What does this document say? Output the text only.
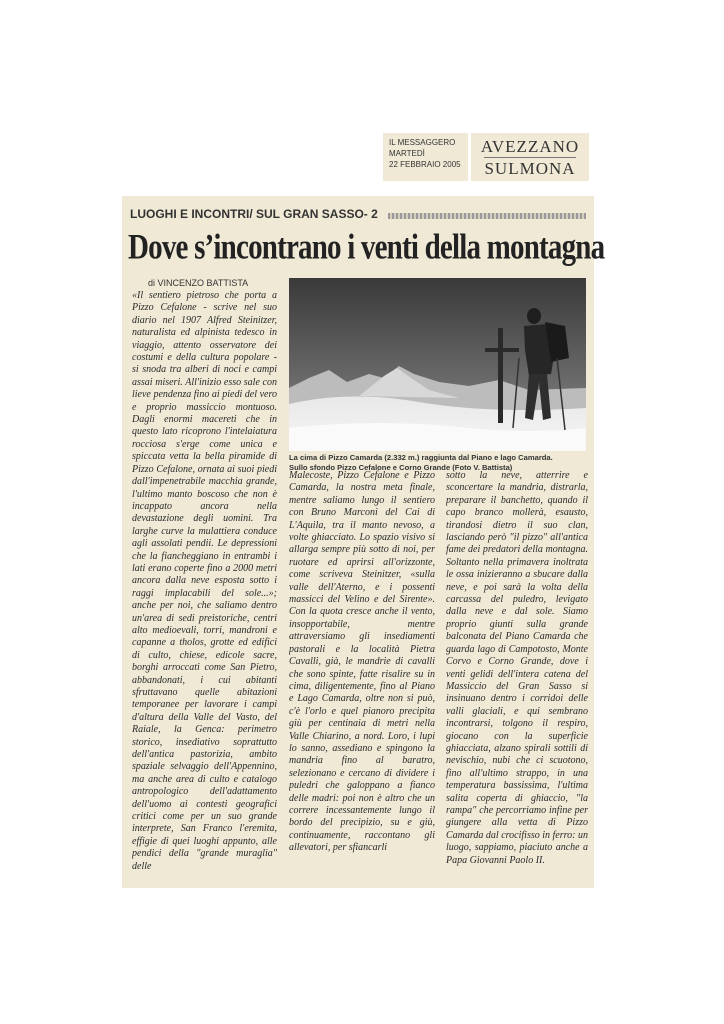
IL MESSAGGERO
MARTEDÌ
22 FEBBRAIO 2005
AVEZZANO
SULMONA
LUOGHI E INCONTRI/ SUL GRAN SASSO- 2
Dove s’incontrano i venti della montagna
di VINCENZO BATTISTA
«Il sentiero pietroso che porta a Pizzo Cefalone - scrive nel suo diario nel 1907 Alfred Steinitzer, naturalista ed alpinista tedesco in viaggio, attento osservatore dei costumi e della cultura popolare - si snoda tra alberi di noci e campi assai miseri. All'inizio esso sale con lieve pendenza fino ai piedi del vero e proprio massiccio montuoso. Dagli enormi macereti che in questo lato ricoprono l'intelaiatura rocciosa s'erge come unica e spiccata vetta la bella piramide di Pizzo Cefalone, ornata ai suoi piedi dall'impenetrabile macchia grande, l'ultimo manto boscoso che non è incappato ancora nella devastazione degli uomini. Tra larghe curve la mulattiera conduce agli assolati pendii. Le depressioni che la fiancheggiano in entrambi i lati erano coperte fino a 2000 metri ancora dalla neve esposta sotto i raggi implacabili del sole...»; anche per noi, che saliamo dentro un'area di sedi preistoriche, centri alto medioevali, torri, mandroni e capanne a tholos, grotte ed edifici di culto, chiese, edicole sacre, borghi arroccati come San Pietro, abbandonati, i cui abitanti sfruttavano quelle abitazioni temporanee per lavorare i campi d'altura della Valle del Vasto, del Raiale, la Genca: perimetro storico, insediativo soprattutto dell'antica pastorizia, ambito spaziale selvaggio dell'Appennino, ma anche area di culto e catalogo antropologico dell'adattamento dell'uomo ai contesti geografici critici come per un suo grande interprete, San Franco l'eremita, effigie di quei luoghi appunto, alle pendici della "grande muraglia" delle
La cima di Pizzo Camarda (2.332 m.) raggiunta dal Piano e lago Camarda.
Sullo sfondo Pizzo Cefalone e Corno Grande (Foto V. Battista)
Malecoste, Pizzo Cefalone e Pizzo Camarda, la nostra meta finale, mentre saliamo lungo il sentiero con Bruno Marconi del Cai di L'Aquila, tra il manto nevoso, a volte ghiacciato. Lo spazio visivo si allarga sempre più sotto di noi, per ruotare ed aprirsi all'orizzonte, come scriveva Steinitzer, «sulla valle dell'Aterno, e i possenti massicci del Velino e del Sirente». Con la quota cresce anche il vento, insopportabile, mentre attraversiamo gli insediamenti pastorali e la località Pietra Cavalli, già, le mandrie di cavalli che sono spinte, fatte risalire su in cima, diligentemente, fino al Piano e Lago Camarda, oltre non si può, c'è l'orlo e quel pianoro precipita giù per centinaia di metri nella Valle Chiarino, a nord. Loro, i lupi lo sanno, assediano e spingono la mandria fino al baratro, selezionano e cercano di dividere i puledri che galoppano a fianco delle madri: poi non è altro che un correre incessantemente lungo il bordo del precipizio, su e giù, continuamente, raccontano gli allevatori, per sfiancarli
sotto la neve, atterrire e sconcertare la mandria, distrarla, preparare il banchetto, quando il capo branco mollerà, esausto, tirandosi dietro il suo clan, lasciando però "il pizzo" all'antica fame dei predatori della montagna. Soltanto nella primavera inoltrata le ossa inizieranno a sbucare dalla neve, e poi sarà la volta della carcassa del puledro, levigato dalla neve e dal sole. Siamo proprio giunti sulla grande balconata del Piano Camarda che guarda lago di Campotosto, Monte Corvo e Corno Grande, dove i venti gelidi dell'intera catena del Massiccio del Gran Sasso si insinuano dentro i corridoi delle valli glaciali, e qui sembrano incontrarsi, tolgono il respiro, giocano con la superficie ghiacciata, alzano spirali sottili di nevischio, nubi che ci scuotono, fino all'ultimo strappo, in una temperatura bassissima, l'ultima salita coperta di ghiaccio, "la rampa" che percorriamo infine per giungere alla vetta di Pizzo Camarda dal crocifisso in ferro: un luogo, sappiamo, piaciuto anche a Papa Giovanni Paolo II.
